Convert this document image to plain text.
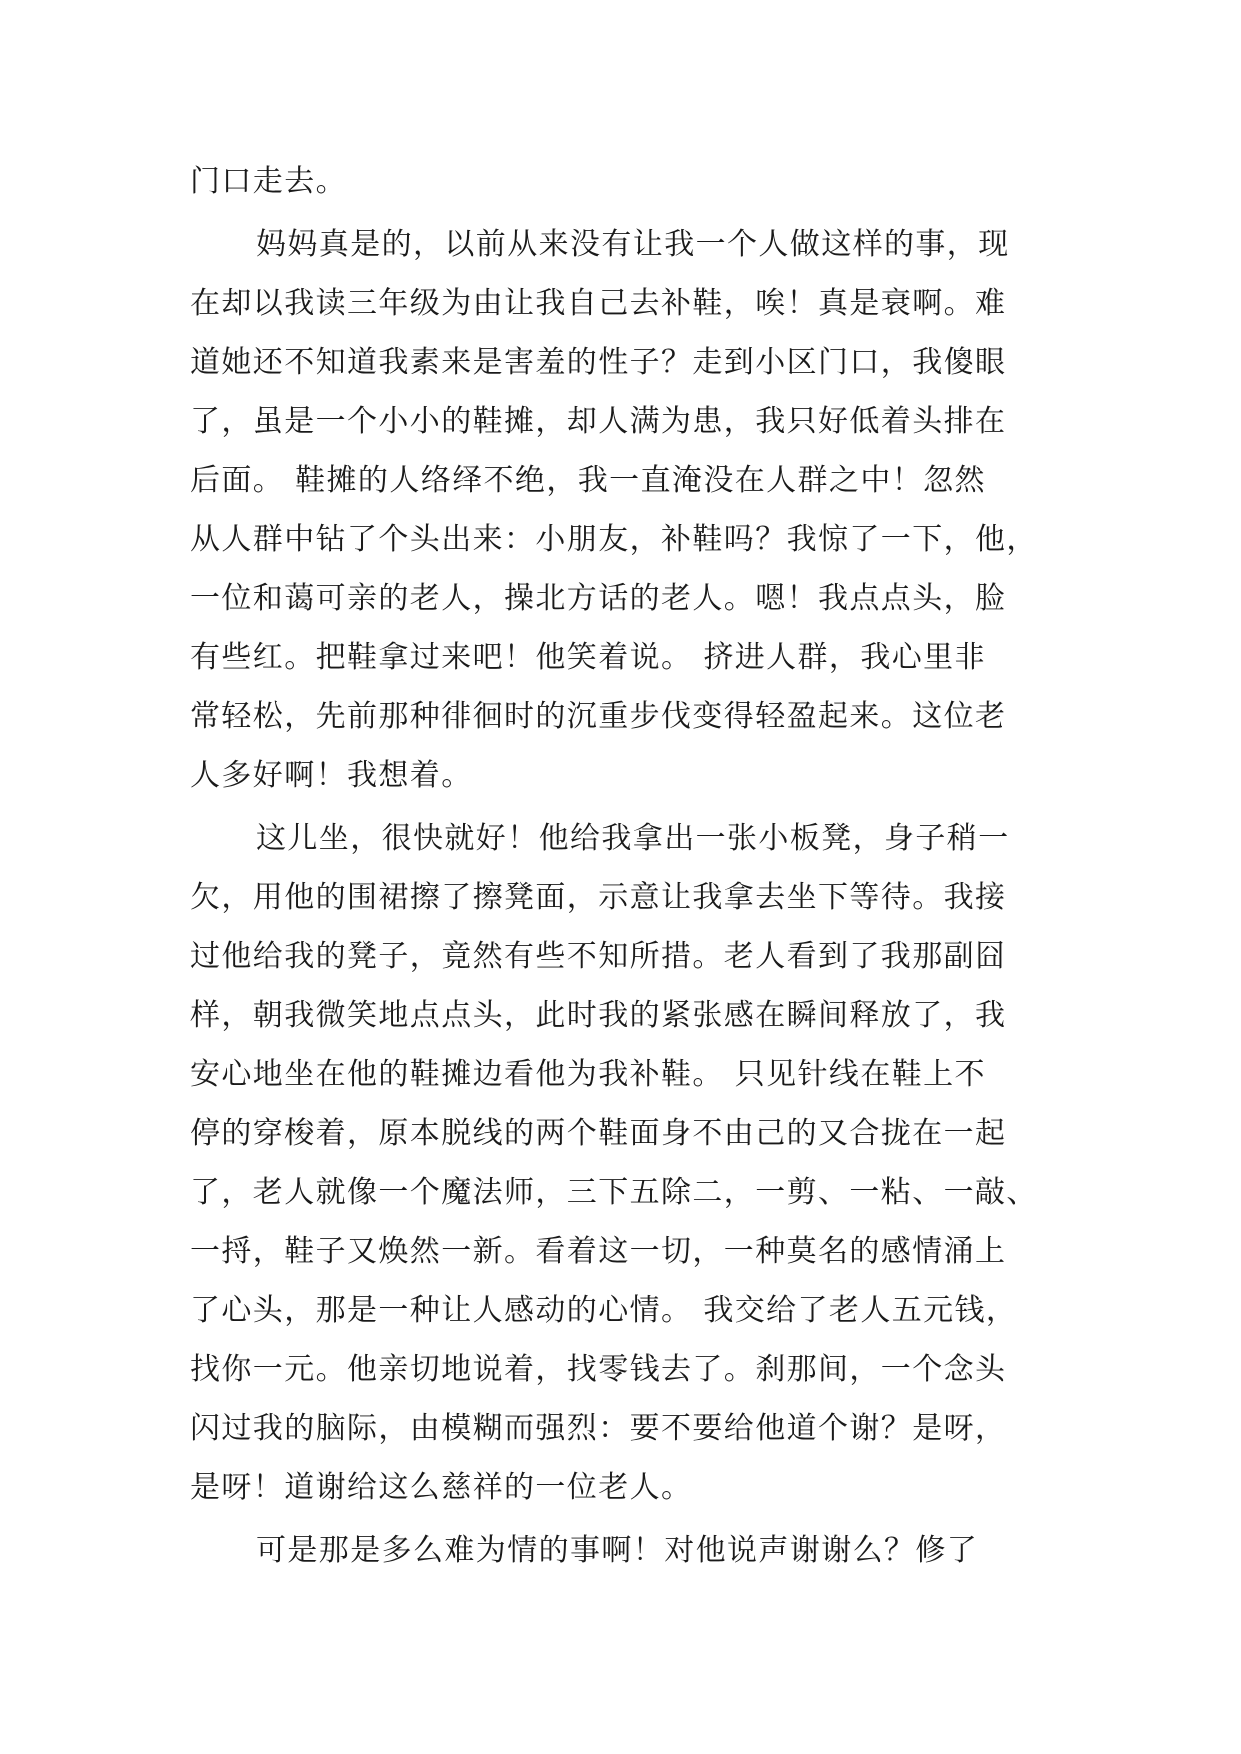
门口走去。
妈妈真是的，以前从来没有让我一个人做这样的事，现
在却以我读三年级为由让我自己去补鞋，唉！真是衰啊。难
道她还不知道我素来是害羞的性子？走到小区门口，我傻眼
了，虽是一个小小的鞋摊，却人满为患，我只好低着头排在
后面。 鞋摊的人络绎不绝，我一直淹没在人群之中！忽然
从人群中钻了个头出来：小朋友，补鞋吗？我惊了一下，他，
一位和蔼可亲的老人，操北方话的老人。嗯！我点点头，脸
有些红。把鞋拿过来吧！他笑着说。 挤进人群，我心里非
常轻松，先前那种徘徊时的沉重步伐变得轻盈起来。这位老
人多好啊！我想着。
这儿坐，很快就好！他给我拿出一张小板凳，身子稍一
欠，用他的围裙擦了擦凳面，示意让我拿去坐下等待。我接
过他给我的凳子，竟然有些不知所措。老人看到了我那副囧
样，朝我微笑地点点头，此时我的紧张感在瞬间释放了，我
安心地坐在他的鞋摊边看他为我补鞋。 只见针线在鞋上不
停的穿梭着，原本脱线的两个鞋面身不由己的又合拢在一起
了，老人就像一个魔法师，三下五除二，一剪、一粘、一敲、
一捋，鞋子又焕然一新。看着这一切，一种莫名的感情涌上
了心头，那是一种让人感动的心情。 我交给了老人五元钱，
找你一元。他亲切地说着，找零钱去了。刹那间，一个念头
闪过我的脑际，由模糊而强烈：要不要给他道个谢？是呀，
是呀！道谢给这么慈祥的一位老人。
可是那是多么难为情的事啊！对他说声谢谢么？修了
